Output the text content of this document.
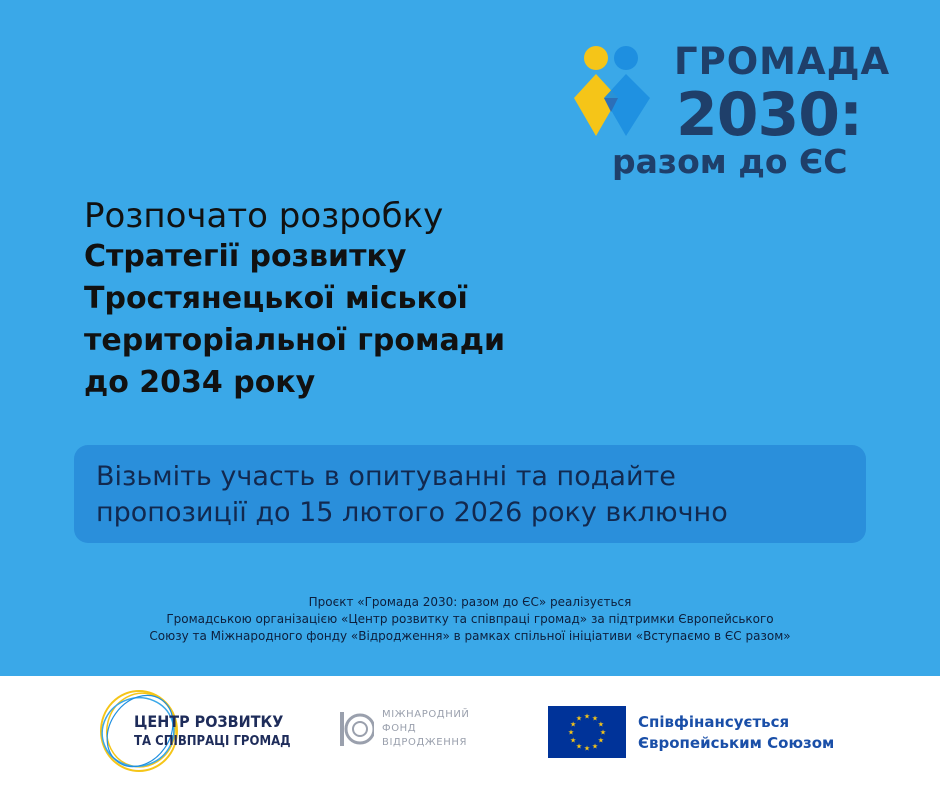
ГРОМАДА
2030:
разом до ЄС
Розпочато розробку
Стратегії розвитку
Тростянецької міської
територіальної громади
до 2034 року
Візьміть участь в опитуванні та подайте
пропозиції до 15 лютого 2026 року включно
Проєкт «Громада 2030: разом до ЄС» реалізується
Громадською організацією «Центр розвитку та співпраці громад» за підтримки Європейського
Союзу та Міжнародного фонду «Відродження» в рамках спільної ініціативи «Вступаємо в ЄС разом»
ЦЕНТР РОЗВИТКУ
ТА СПІВПРАЦІ ГРОМАД
МІЖНАРОДНИЙ
ФОНД
ВІДРОДЖЕННЯ
★
★
★
★
★
★
★
★
★ ★ ★
★ Співфінансується
Європейським Союзом
